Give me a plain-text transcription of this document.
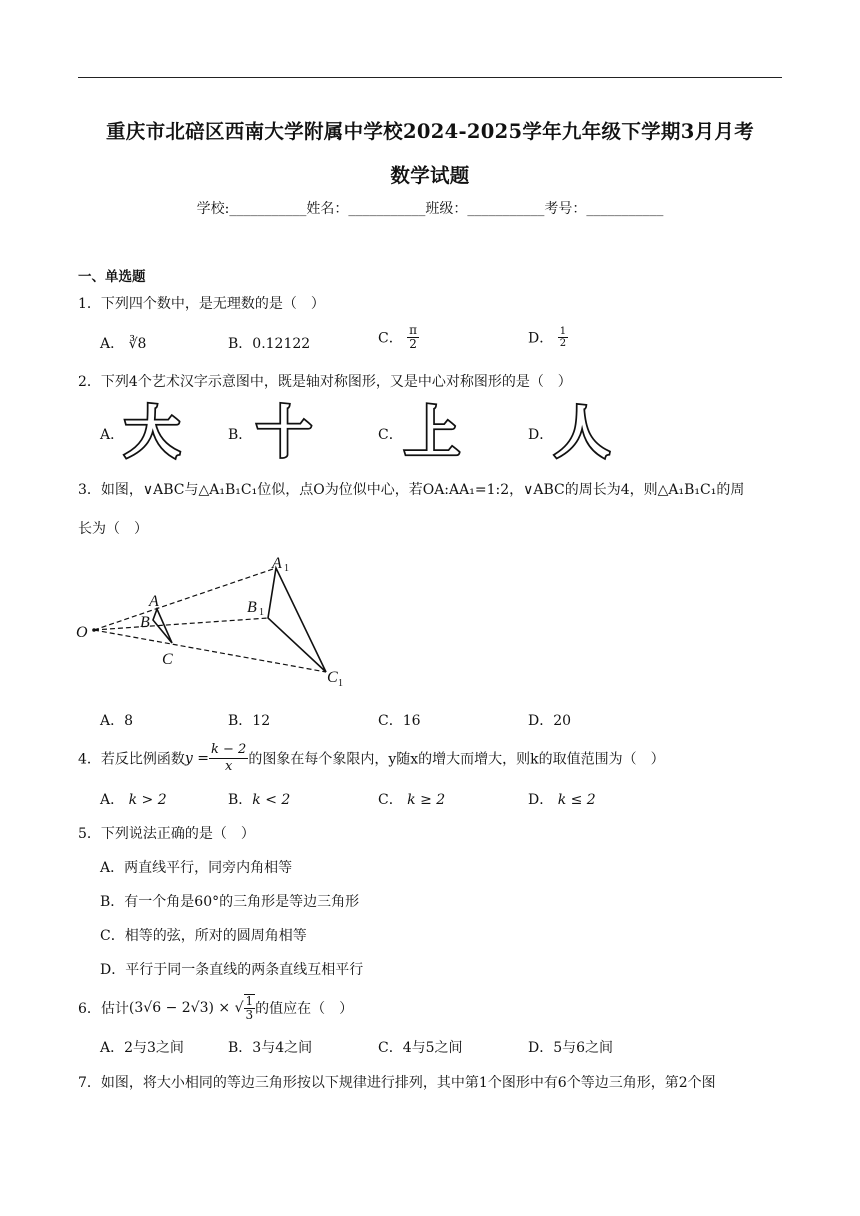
重庆市北碚区西南大学附属中学校2024-2025学年九年级下学期3月月考
数学试题
学校:___________姓名：___________班级：___________考号：___________
一、单选题
1．下列四个数中，是无理数的是（　）
A． ∛8	B．0.12122	C． $\frac{\pi}{2}$	D． $\frac{1}{2}$
2．下列4个艺术汉字示意图中，既是轴对称图形，又是中心对称图形的是（　）
A．	B．	C．	D．
大 十 上 人
3．如图，∨ABC与△A₁B₁C₁位似，点O为位似中心，若OA:AA₁=1:2，∨ABC的周长为4，则△A₁B₁C₁的周
长为（　）
O
A
B
C
A
B
C
1
1
1
A．8	B．12	C．16	D．20
4．若反比例函数$y = \frac{k - 2}{x}$ 的图象在每个象限内，y随x的增大而增大，则k的取值范围为（　）
A． k > 2	B．k < 2	C． k ≥ 2	D． k ≤ 2
5．下列说法正确的是（　）
A．两直线平行，同旁内角相等
B．有一个角是60°的三角形是等边三角形
C．相等的弦，所对的圆周角相等
D．平行于同一条直线的两条直线互相平行
6．估计(3√6 − 2√3) × √ $\frac{1}{3}$ 的值应在（　）
A．2与3之间	B．3与4之间	C．4与5之间	D．5与6之间
7．如图，将大小相同的等边三角形按以下规律进行排列，其中第1个图形中有6个等边三角形，第2个图
